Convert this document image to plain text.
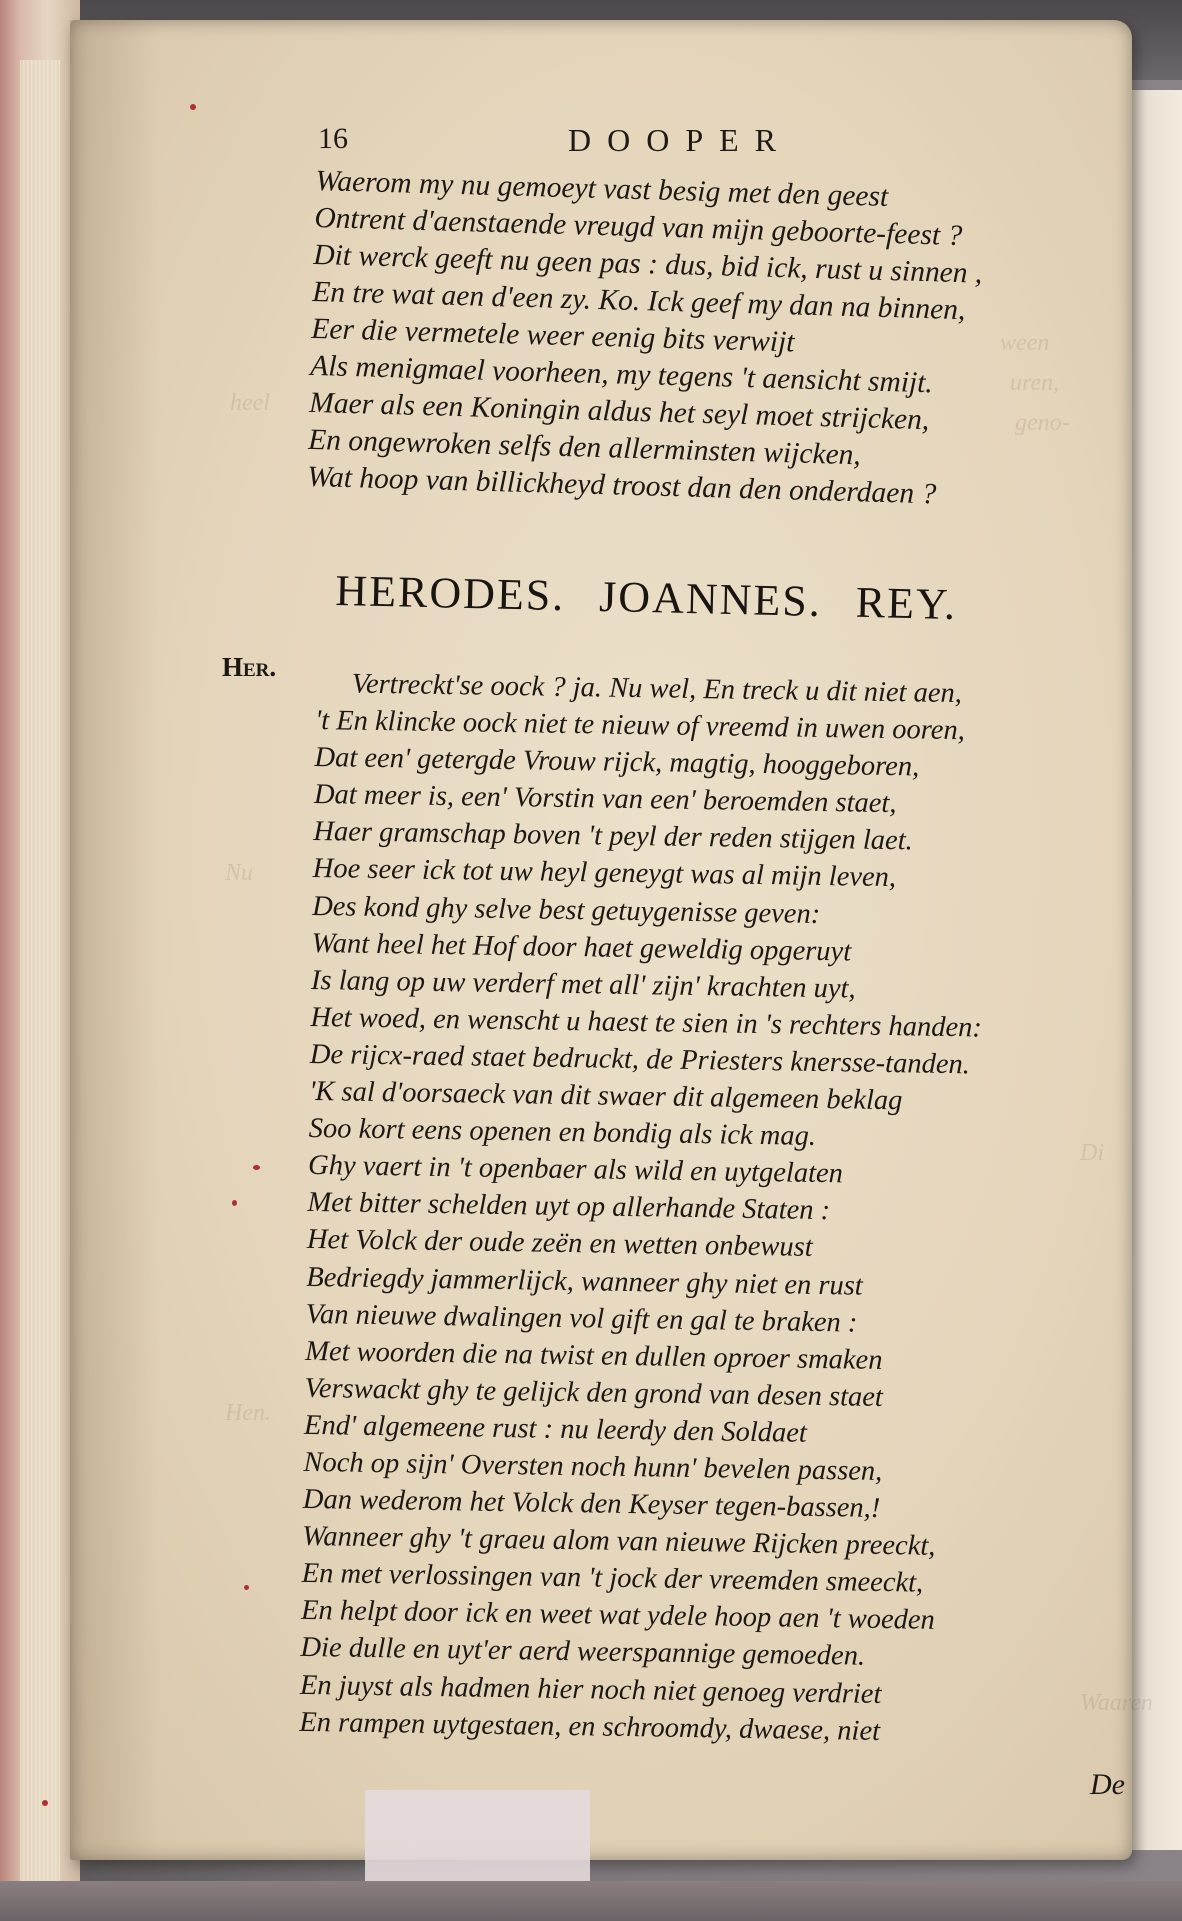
ween
uren,
geno-
heel
Nu
Hen.
Di
Waaren
16	DOOPER
Waerom my nu gemoeyt vast besig met den geest
Ontrent d'aenstaende vreugd van mijn geboorte-feest ?
Dit werck geeft nu geen pas : dus, bid ick, rust u sinnen ,
En tre wat aen d'een zy. Ko. Ick geef my dan na binnen,
Eer die vermetele weer eenig bits verwijt
Als menigmael voorheen, my tegens 't aensicht smijt.
Maer als een Koningin aldus het seyl moet strijcken,
En ongewroken selfs den allerminsten wijcken,
Wat hoop van billickheyd troost dan den onderdaen ?
HERODES. JOANNES. REY.
Her.
Vertreckt'se oock ? ja. Nu wel, En treck u dit niet aen,
't En klincke oock niet te nieuw of vreemd in uwen ooren,
Dat een' getergde Vrouw rijck, magtig, hooggeboren,
Dat meer is, een' Vorstin van een' beroemden staet,
Haer gramschap boven 't peyl der reden stijgen laet.
Hoe seer ick tot uw heyl geneygt was al mijn leven,
Des kond ghy selve best getuygenisse geven:
Want heel het Hof door haet geweldig opgeruyt
Is lang op uw verderf met all' zijn' krachten uyt,
Het woed, en wenscht u haest te sien in 's rechters handen:
De rijcx-raed staet bedruckt, de Priesters knersse-tanden.
'K sal d'oorsaeck van dit swaer dit algemeen beklag
Soo kort eens openen en bondig als ick mag.
Ghy vaert in 't openbaer als wild en uytgelaten
Met bitter schelden uyt op allerhande Staten :
Het Volck der oude zeën en wetten onbewust
Bedriegdy jammerlijck, wanneer ghy niet en rust
Van nieuwe dwalingen vol gift en gal te braken :
Met woorden die na twist en dullen oproer smaken
Verswackt ghy te gelijck den grond van desen staet
End' algemeene rust : nu leerdy den Soldaet
Noch op sijn' Oversten noch hunn' bevelen passen,
Dan wederom het Volck den Keyser tegen-bassen,!
Wanneer ghy 't graeu alom van nieuwe Rijcken preeckt,
En met verlossingen van 't jock der vreemden smeeckt,
En helpt door ick en weet wat ydele hoop aen 't woeden
Die dulle en uyt'er aerd weerspannige gemoeden.
En juyst als hadmen hier noch niet genoeg verdriet
En rampen uytgestaen, en schroomdy, dwaese, niet
De
